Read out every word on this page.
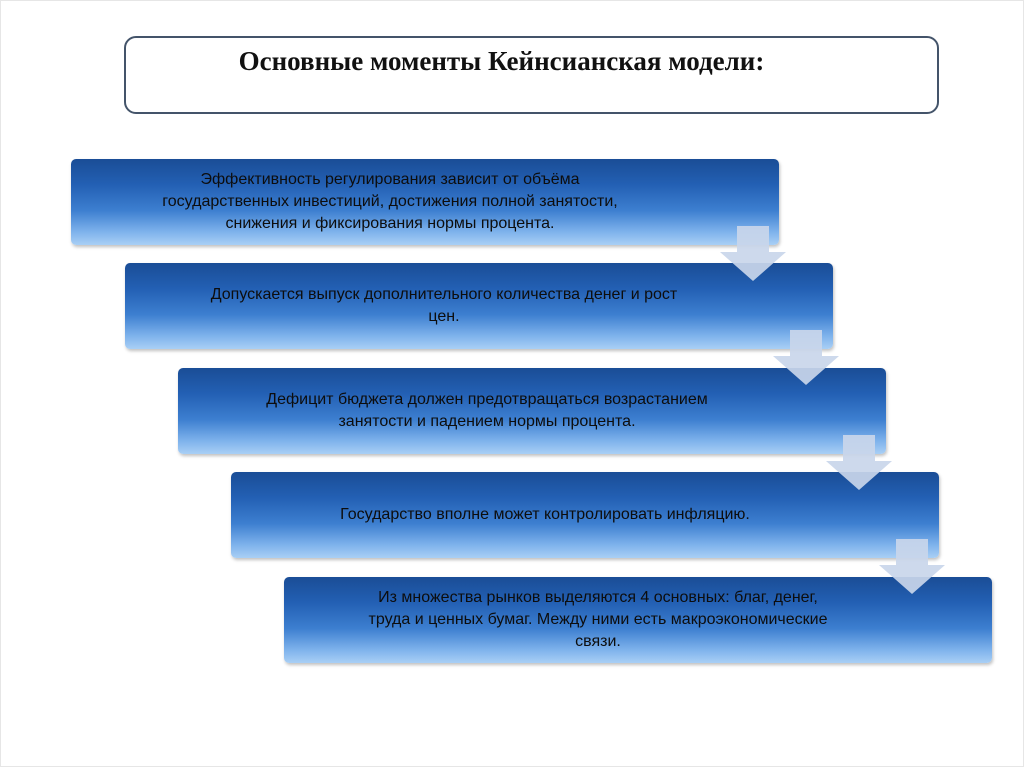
Основные моменты Кейнсианская модели:
Эффективность регулирования зависит от объёма
государственных инвестиций, достижения полной занятости,
снижения и фиксирования нормы процента.
Допускается выпуск дополнительного количества денег и рост
цен.
Дефицит бюджета должен предотвращаться возрастанием
занятости и падением нормы процента.
Государство вполне может контролировать инфляцию.
Из множества рынков выделяются 4 основных: благ, денег,
труда и ценных бумаг. Между ними есть макроэкономические
связи.
